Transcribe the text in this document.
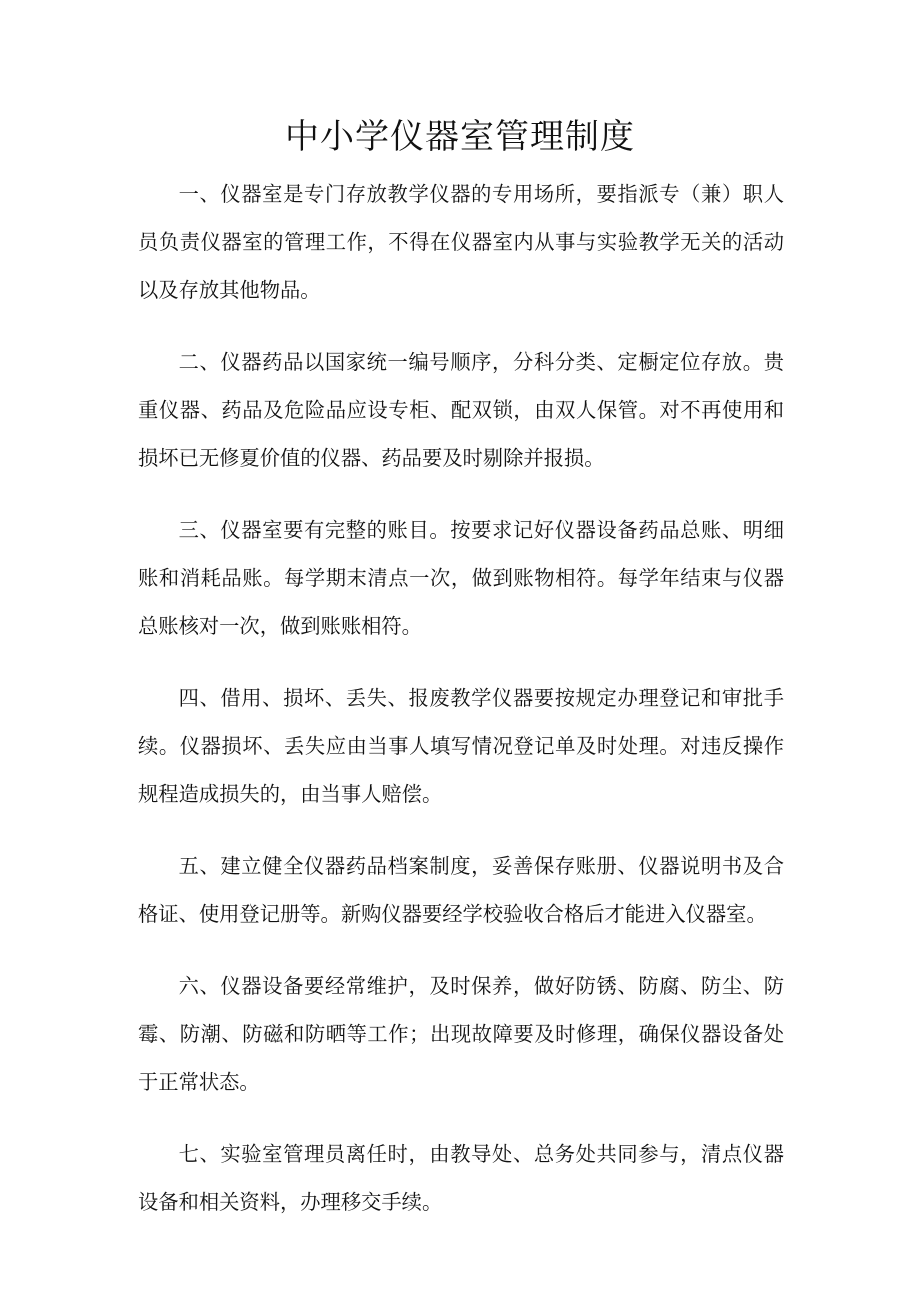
中小学仪器室管理制度

一、仪器室是专门存放教学仪器的专用场所，要指派专（兼）职人员负责仪器室的管理工作，不得在仪器室内从事与实验教学无关的活动以及存放其他物品。

二、仪器药品以国家统一编号顺序，分科分类、定橱定位存放。贵重仪器、药品及危险品应设专柜、配双锁，由双人保管。对不再使用和损坏已无修夏价值的仪器、药品要及时剔除并报损。

三、仪器室要有完整的账目。按要求记好仪器设备药品总账、明细账和消耗品账。每学期末清点一次，做到账物相符。每学年结束与仪器总账核对一次，做到账账相符。

四、借用、损坏、丢失、报废教学仪器要按规定办理登记和审批手续。仪器损坏、丢失应由当事人填写情况登记单及时处理。对违反操作规程造成损失的，由当事人赔偿。

五、建立健全仪器药品档案制度，妥善保存账册、仪器说明书及合格证、使用登记册等。新购仪器要经学校验收合格后才能进入仪器室。

六、仪器设备要经常维护，及时保养，做好防锈、防腐、防尘、防霉、防潮、防磁和防晒等工作；出现故障要及时修理，确保仪器设备处于正常状态。

七、实验室管理员离任时，由教导处、总务处共同参与，清点仪器设备和相关资料，办理移交手续。
